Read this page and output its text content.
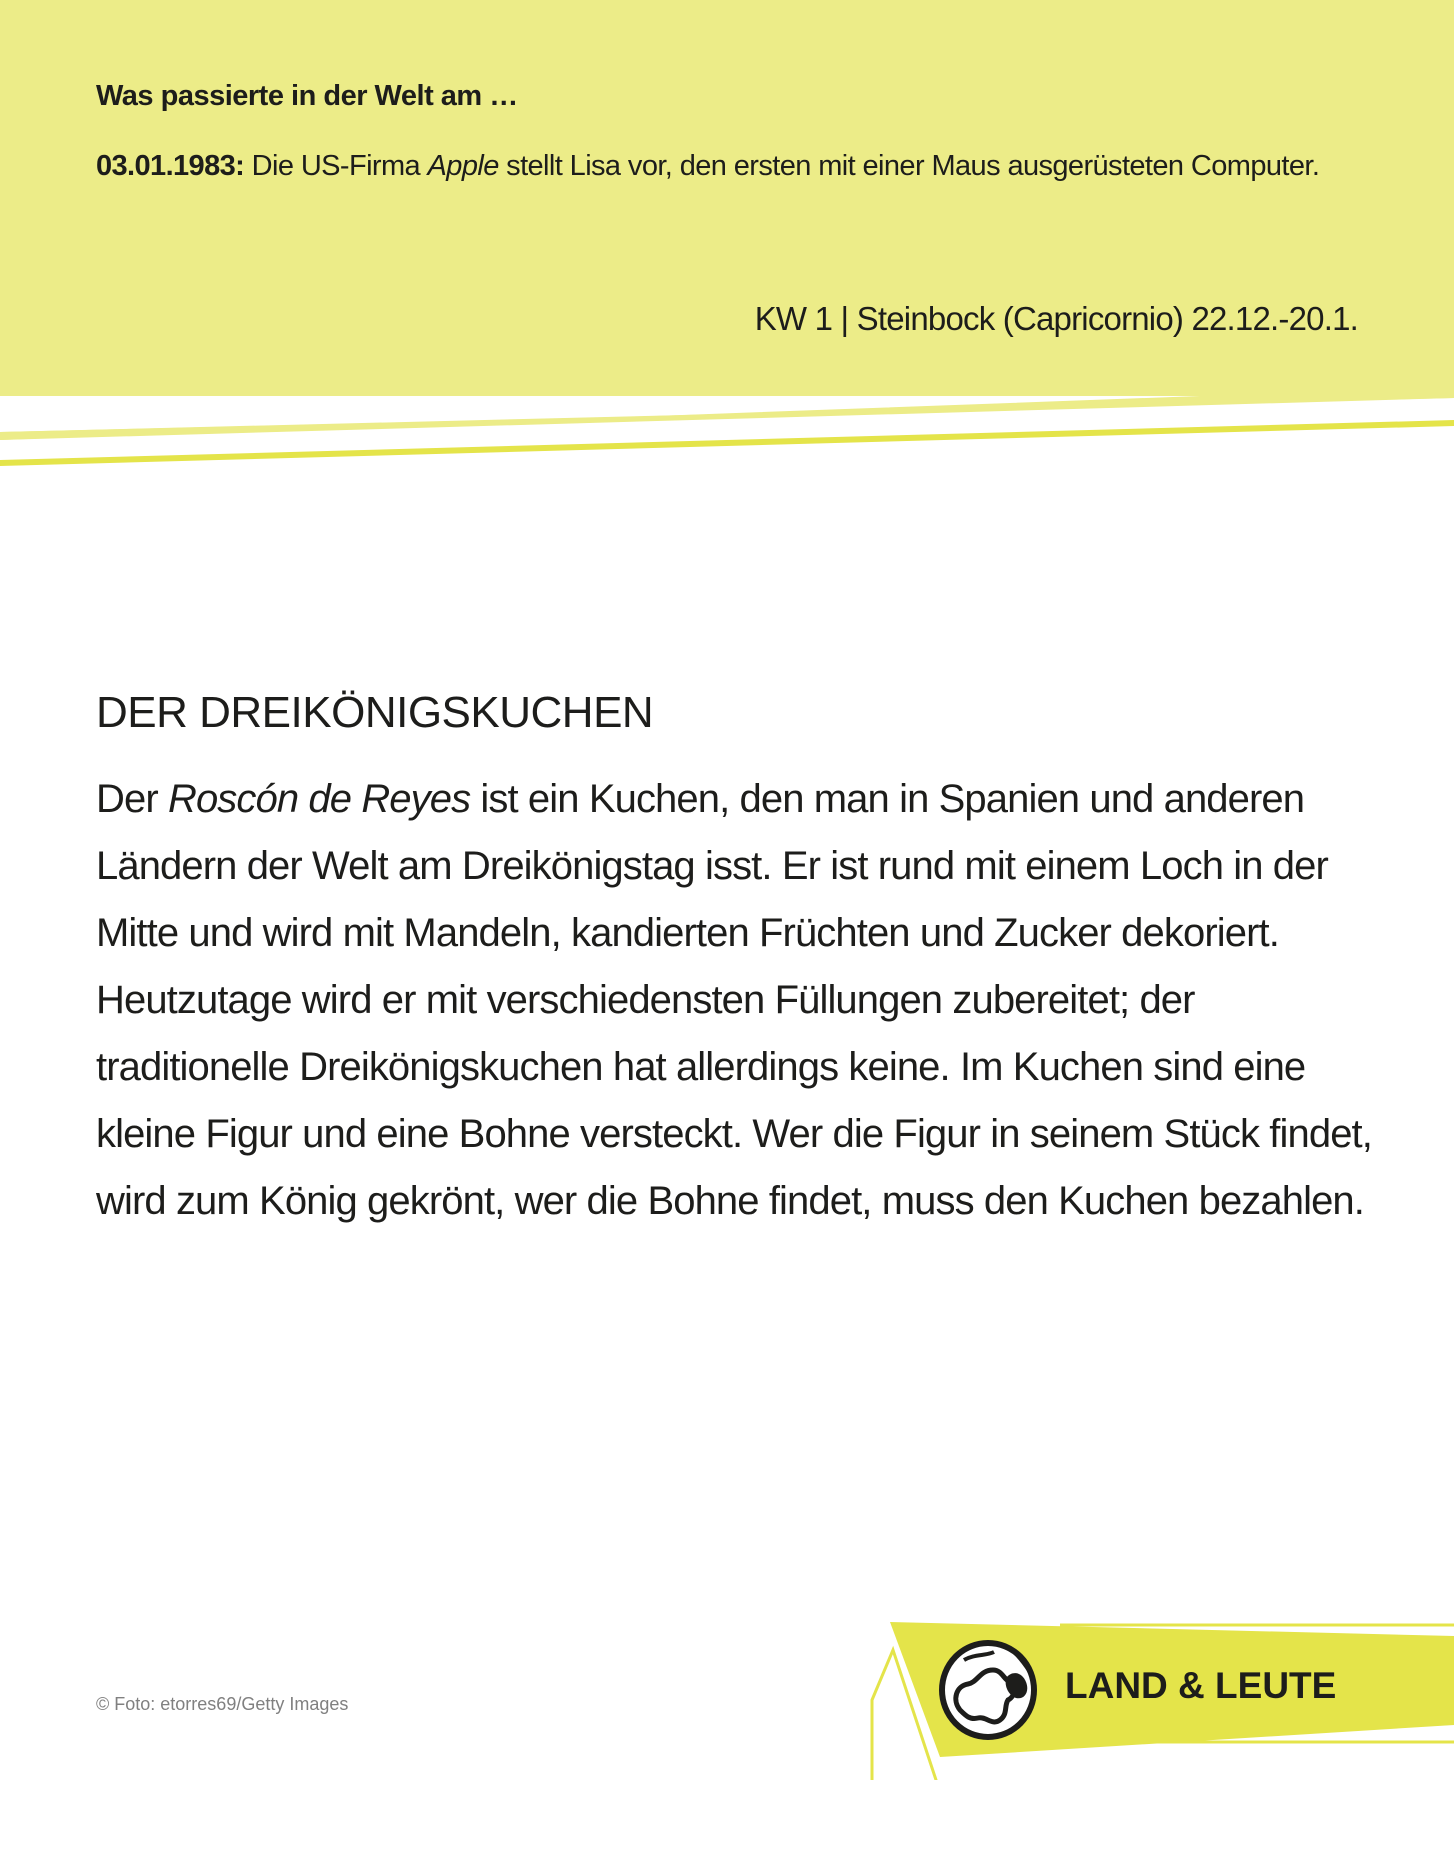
Was passierte in der Welt am …
03.01.1983: Die US-Firma Apple stellt Lisa vor, den ersten mit einer Maus ausgerüsteten Computer.
KW 1 | Steinbock (Capricornio) 22.12.-20.1.
DER DREIKÖNIGSKUCHEN

Der Roscón de Reyes ist ein Kuchen, den man in Spanien und anderen Ländern der Welt am Dreikönigstag isst. Er ist rund mit einem Loch in der Mitte und wird mit Mandeln, kandierten Früchten und Zucker dekoriert. Heutzutage wird er mit verschiedensten Füllungen zubereitet; der traditionelle Dreikönigskuchen hat allerdings keine. Im Kuchen sind eine kleine Figur und eine Bohne versteckt. Wer die Figur in seinem Stück findet, wird zum König gekrönt, wer die Bohne findet, muss den Kuchen bezahlen.

© Foto: etorres69/Getty Images	LAND & LEUTE
